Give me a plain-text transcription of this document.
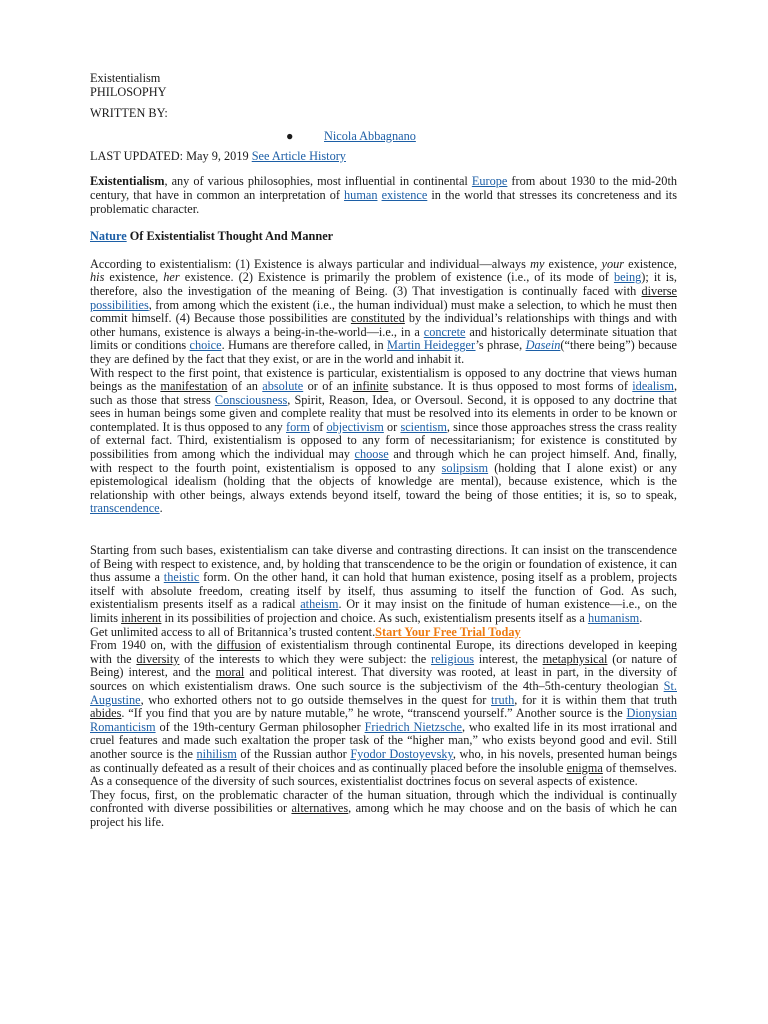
Existentialism
PHILOSOPHY
WRITTEN BY:
● Nicola Abbagnano
LAST UPDATED: May 9, 2019 See Article History

Existentialism, any of various philosophies, most influential in continental Europe from about 1930 to the mid-20th century, that have in common an interpretation of human existence in the world that stresses its concreteness and its problematic character.

Nature Of Existentialist Thought And Manner

According to existentialism: (1) Existence is always particular and individual—always my existence, your existence, his existence, her existence. (2) Existence is primarily the problem of existence (i.e., of its mode of being); it is, therefore, also the investigation of the meaning of Being. (3) That investigation is continually faced with diverse possibilities, from among which the existent (i.e., the human individual) must make a selection, to which he must then commit himself. (4) Because those possibilities are constituted by the individual’s relationships with things and with other humans, existence is always a being-in-the-world—i.e., in a concrete and historically determinate situation that limits or conditions choice. Humans are therefore called, in Martin Heidegger’s phrase, Dasein(“there being”) because they are defined by the fact that they exist, or are in the world and inhabit it.

With respect to the first point, that existence is particular, existentialism is opposed to any doctrine that views human beings as the manifestation of an absolute or of an infinite substance. It is thus opposed to most forms of idealism, such as those that stress Consciousness, Spirit, Reason, Idea, or Oversoul. Second, it is opposed to any doctrine that sees in human beings some given and complete reality that must be resolved into its elements in order to be known or contemplated. It is thus opposed to any form of objectivism or scientism, since those approaches stress the crass reality of external fact. Third, existentialism is opposed to any form of necessitarianism; for existence is constituted by possibilities from among which the individual may choose and through which he can project himself. And, finally, with respect to the fourth point, existentialism is opposed to any solipsism (holding that I alone exist) or any epistemological idealism (holding that the objects of knowledge are mental), because existence, which is the relationship with other beings, always extends beyond itself, toward the being of those entities; it is, so to speak, transcendence.

Starting from such bases, existentialism can take diverse and contrasting directions. It can insist on the transcendence of Being with respect to existence, and, by holding that transcendence to be the origin or foundation of existence, it can thus assume a theistic form. On the other hand, it can hold that human existence, posing itself as a problem, projects itself with absolute freedom, creating itself by itself, thus assuming to itself the function of God. As such, existentialism presents itself as a radical atheism. Or it may insist on the finitude of human existence—i.e., on the limits inherent in its possibilities of projection and choice. As such, existentialism presents itself as a humanism.

Get unlimited access to all of Britannica’s trusted content.Start Your Free Trial Today

From 1940 on, with the diffusion of existentialism through continental Europe, its directions developed in keeping with the diversity of the interests to which they were subject: the religious interest, the metaphysical (or nature of Being) interest, and the moral and political interest. That diversity was rooted, at least in part, in the diversity of sources on which existentialism draws. One such source is the subjectivism of the 4th–5th-century theologian St. Augustine, who exhorted others not to go outside themselves in the quest for truth, for it is within them that truth abides. “If you find that you are by nature mutable,” he wrote, “transcend yourself.” Another source is the Dionysian Romanticism of the 19th-century German philosopher Friedrich Nietzsche, who exalted life in its most irrational and cruel features and made such exaltation the proper task of the “higher man,” who exists beyond good and evil. Still another source is the nihilism of the Russian author Fyodor Dostoyevsky, who, in his novels, presented human beings as continually defeated as a result of their choices and as continually placed before the insoluble enigma of themselves. As a consequence of the diversity of such sources, existentialist doctrines focus on several aspects of existence.

They focus, first, on the problematic character of the human situation, through which the individual is continually confronted with diverse possibilities or alternatives, among which he may choose and on the basis of which he can project his life.
